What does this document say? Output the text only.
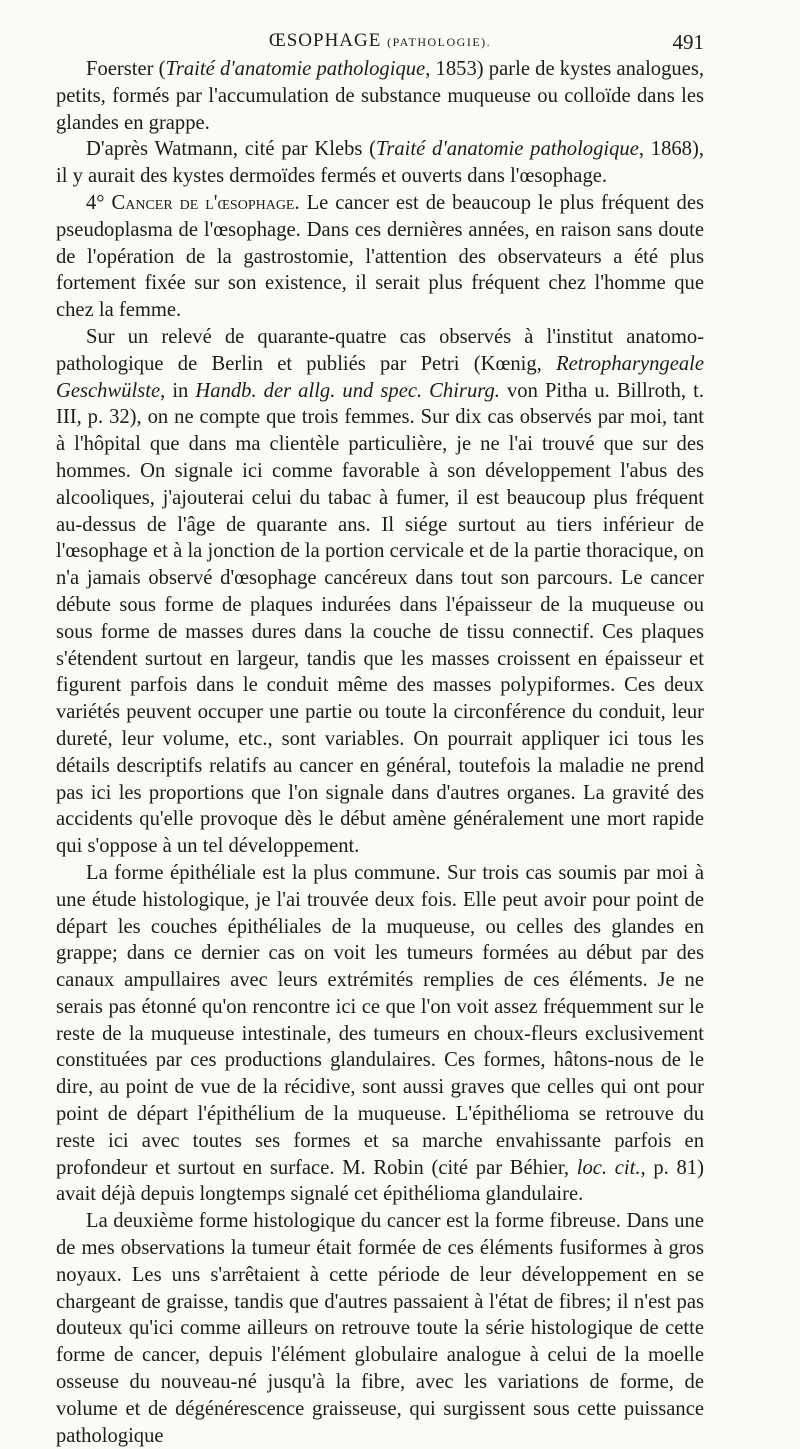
ŒSOPHAGE (PATHOLOGIE).	491

Foerster (Traité d'anatomie pathologique, 1853) parle de kystes analogues, petits, formés par l'accumulation de substance muqueuse ou colloïde dans les glandes en grappe.

D'après Watmann, cité par Klebs (Traité d'anatomie pathologique, 1868), il y aurait des kystes dermoïdes fermés et ouverts dans l'œsophage.

4° Cancer de l'œsophage. Le cancer est de beaucoup le plus fréquent des pseudoplasma de l'œsophage. Dans ces dernières années, en raison sans doute de l'opération de la gastrostomie, l'attention des observateurs a été plus fortement fixée sur son existence, il serait plus fréquent chez l'homme que chez la femme.

Sur un relevé de quarante-quatre cas observés à l'institut anatomo-pathologique de Berlin et publiés par Petri (Kœnig, Retropharyngeale Geschwülste, in Handb. der allg. und spec. Chirurg. von Pitha u. Billroth, t. III, p. 32), on ne compte que trois femmes. Sur dix cas observés par moi, tant à l'hôpital que dans ma clientèle particulière, je ne l'ai trouvé que sur des hommes. On signale ici comme favorable à son développement l'abus des alcooliques, j'ajouterai celui du tabac à fumer, il est beaucoup plus fréquent au-dessus de l'âge de quarante ans. Il siége surtout au tiers inférieur de l'œsophage et à la jonction de la portion cervicale et de la partie thoracique, on n'a jamais observé d'œsophage cancéreux dans tout son parcours. Le cancer débute sous forme de plaques indurées dans l'épaisseur de la muqueuse ou sous forme de masses dures dans la couche de tissu connectif. Ces plaques s'étendent surtout en largeur, tandis que les masses croissent en épaisseur et figurent parfois dans le conduit même des masses polypiformes. Ces deux variétés peuvent occuper une partie ou toute la circonférence du conduit, leur dureté, leur volume, etc., sont variables. On pourrait appliquer ici tous les détails descriptifs relatifs au cancer en général, toutefois la maladie ne prend pas ici les proportions que l'on signale dans d'autres organes. La gravité des accidents qu'elle provoque dès le début amène généralement une mort rapide qui s'oppose à un tel développement.

La forme épithéliale est la plus commune. Sur trois cas soumis par moi à une étude histologique, je l'ai trouvée deux fois. Elle peut avoir pour point de départ les couches épithéliales de la muqueuse, ou celles des glandes en grappe; dans ce dernier cas on voit les tumeurs formées au début par des canaux ampullaires avec leurs extrémités remplies de ces éléments. Je ne serais pas étonné qu'on rencontre ici ce que l'on voit assez fréquemment sur le reste de la muqueuse intestinale, des tumeurs en choux-fleurs exclusivement constituées par ces productions glandulaires. Ces formes, hâtons-nous de le dire, au point de vue de la récidive, sont aussi graves que celles qui ont pour point de départ l'épithélium de la muqueuse. L'épithélioma se retrouve du reste ici avec toutes ses formes et sa marche envahissante parfois en profondeur et surtout en surface. M. Robin (cité par Béhier, loc. cit., p. 81) avait déjà depuis longtemps signalé cet épithélioma glandulaire.

La deuxième forme histologique du cancer est la forme fibreuse. Dans une de mes observations la tumeur était formée de ces éléments fusiformes à gros noyaux. Les uns s'arrêtaient à cette période de leur développement en se chargeant de graisse, tandis que d'autres passaient à l'état de fibres; il n'est pas douteux qu'ici comme ailleurs on retrouve toute la série histologique de cette forme de cancer, depuis l'élément globulaire analogue à celui de la moelle osseuse du nouveau-né jusqu'à la fibre, avec les variations de forme, de volume et de dégénérescence graisseuse, qui surgissent sous cette puissance pathologique
